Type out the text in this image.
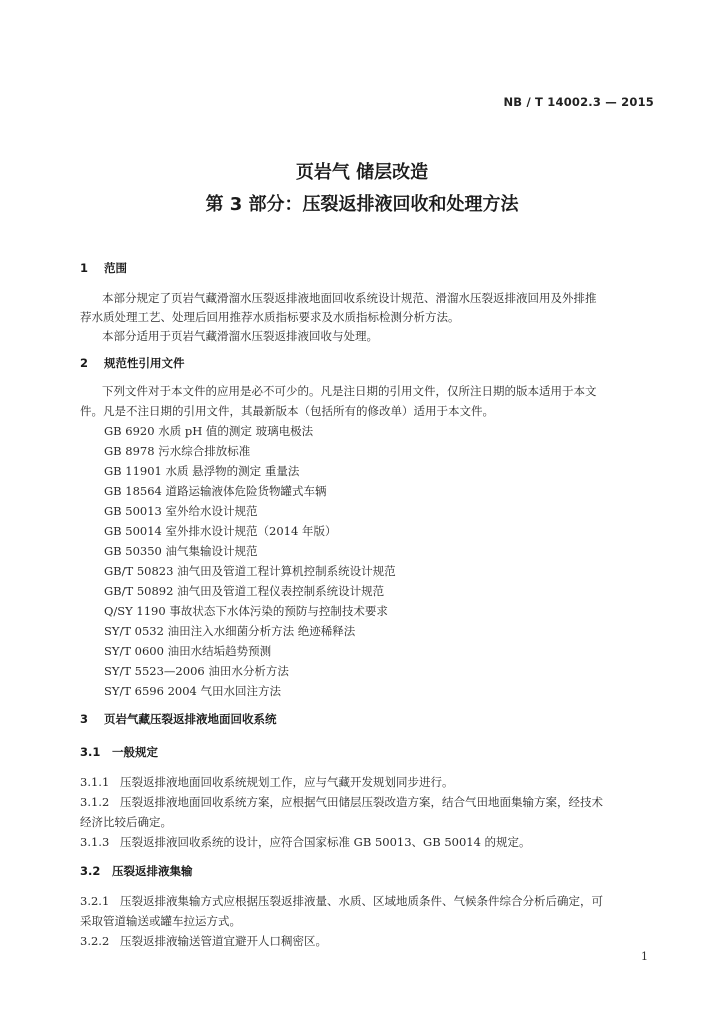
NB / T 14002.3 — 2015
页岩气 储层改造
第 3 部分：压裂返排液回收和处理方法
1 范围
本部分规定了页岩气藏滑溜水压裂返排液地面回收系统设计规范、滑溜水压裂返排液回用及外排推
荐水质处理工艺、处理后回用推荐水质指标要求及水质指标检测分析方法。
本部分适用于页岩气藏滑溜水压裂返排液回收与处理。
2 规范性引用文件
下列文件对于本文件的应用是必不可少的。凡是注日期的引用文件，仅所注日期的版本适用于本文
件。凡是不注日期的引用文件，其最新版本（包括所有的修改单）适用于本文件。
GB 6920 水质 pH 值的测定 玻璃电极法
GB 8978 污水综合排放标准
GB 11901 水质 悬浮物的测定 重量法
GB 18564 道路运输液体危险货物罐式车辆
GB 50013 室外给水设计规范
GB 50014 室外排水设计规范（2014 年版）
GB 50350 油气集输设计规范
GB/T 50823 油气田及管道工程计算机控制系统设计规范
GB/T 50892 油气田及管道工程仪表控制系统设计规范
Q/SY 1190 事故状态下水体污染的预防与控制技术要求
SY/T 0532 油田注入水细菌分析方法 绝迹稀释法
SY/T 0600 油田水结垢趋势预测
SY/T 5523—2006 油田水分析方法
SY/T 6596 2004 气田水回注方法
3 页岩气藏压裂返排液地面回收系统
3.1 一般规定
3.1.1 压裂返排液地面回收系统规划工作，应与气藏开发规划同步进行。
3.1.2 压裂返排液地面回收系统方案，应根据气田储层压裂改造方案，结合气田地面集输方案，经技术
经济比较后确定。
3.1.3 压裂返排液回收系统的设计，应符合国家标准 GB 50013、GB 50014 的规定。
3.2 压裂返排液集输
3.2.1 压裂返排液集输方式应根据压裂返排液量、水质、区域地质条件、气候条件综合分析后确定，可
采取管道输送或罐车拉运方式。
3.2.2 压裂返排液输送管道宜避开人口稠密区。
1
